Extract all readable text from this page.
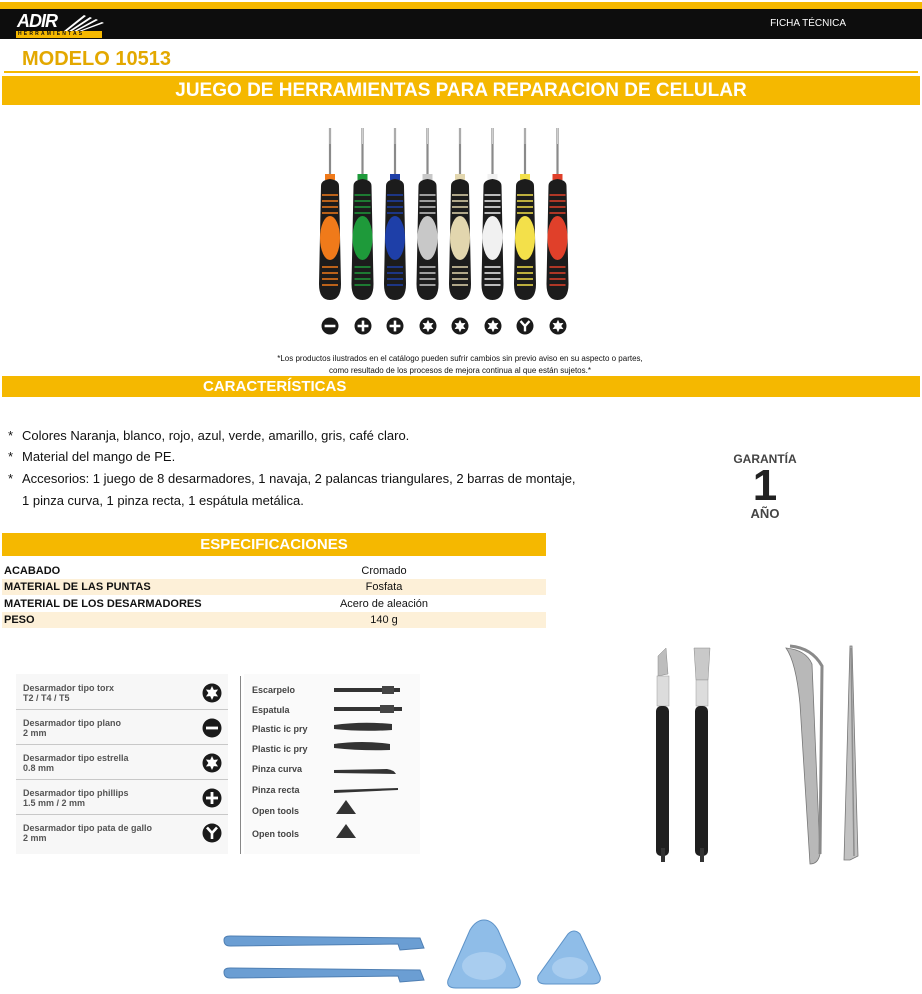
ADIR
HERRAMIENTAS
FICHA TÉCNICA
MODELO 10513
JUEGO DE HERRAMIENTAS PARA REPARACION DE CELULAR
*Los productos ilustrados en el catálogo pueden sufrir cambios sin previo aviso en su aspecto o partes,
como resultado de los procesos de mejora continua al que están sujetos.*
CARACTERÍSTICAS
* Colores Naranja, blanco, rojo, azul, verde, amarillo, gris, café claro.
* Material del mango de PE.
* Accesorios: 1 juego de 8 desarmadores, 1 navaja, 2 palancas triangulares, 2 barras de montaje,
1 pinza curva, 1 pinza recta, 1 espátula metálica.
GARANTÍA
1
AÑO
ESPECIFICACIONES
ACABADO	Cromado
MATERIAL DE LAS PUNTAS	Fosfata
MATERIAL DE LOS DESARMADORES	Acero de aleación
PESO	140 g
Desarmador tipo torx
T2 / T4 / T5
Desarmador tipo plano
2 mm
Desarmador tipo estrella
0.8 mm
Desarmador tipo phillips
1.5 mm / 2 mm
Desarmador tipo pata de gallo
2 mm
Escarpelo
Espatula
Plastic ic pry
Plastic ic pry
Pinza curva
Pinza recta
Open tools
Open tools
